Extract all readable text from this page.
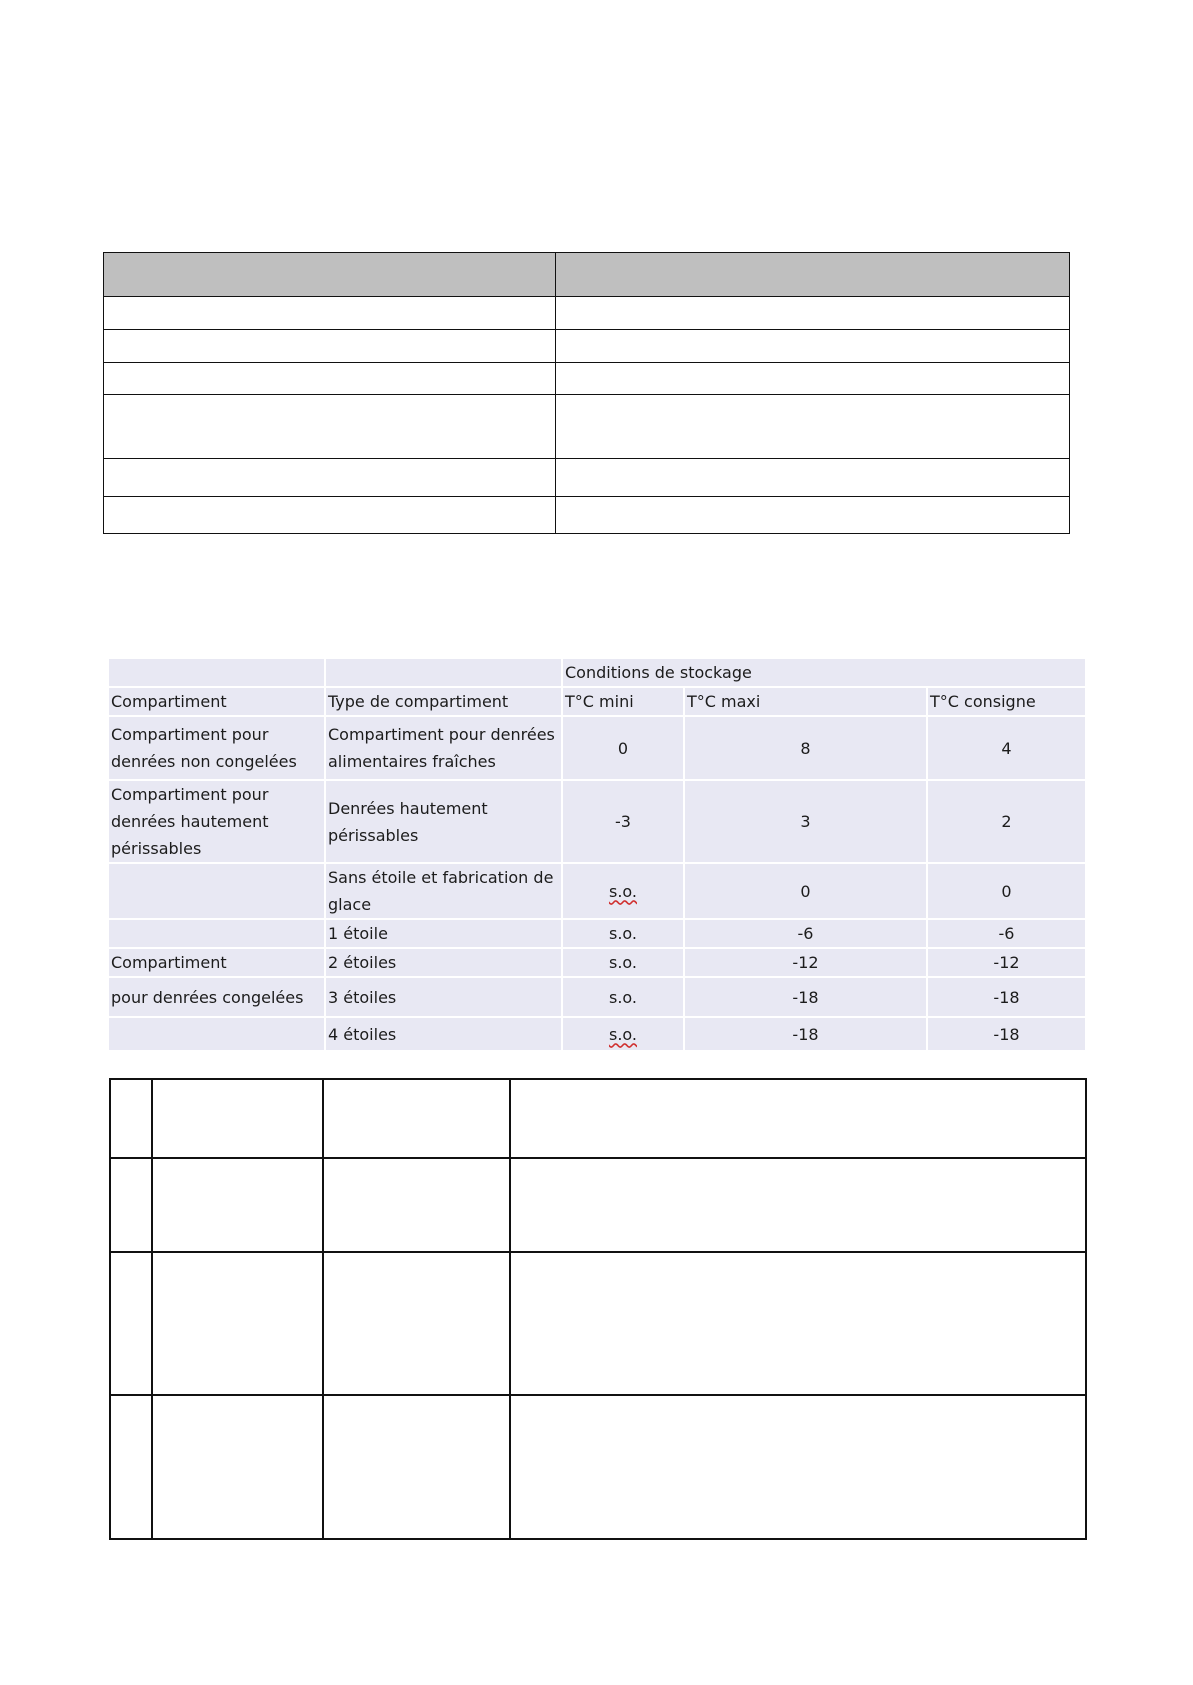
		Conditions de stockage		
Compartiment	Type de compartiment	T°C mini	T°C maxi	T°C consigne
Compartiment pour denrées non congelées	Compartiment pour denrées alimentaires fraîches	0	8	4
Compartiment pour denrées hautement périssables	Denrées hautement périssables	-3	3	2
	Sans étoile et fabrication de glace	s.o.	0	0
	1 étoile	s.o.	-6	-6
Compartiment	2 étoiles	s.o.	-12	-12
pour denrées congelées	3 étoiles	s.o.	-18	-18
	4 étoiles	s.o.	-18	-18
